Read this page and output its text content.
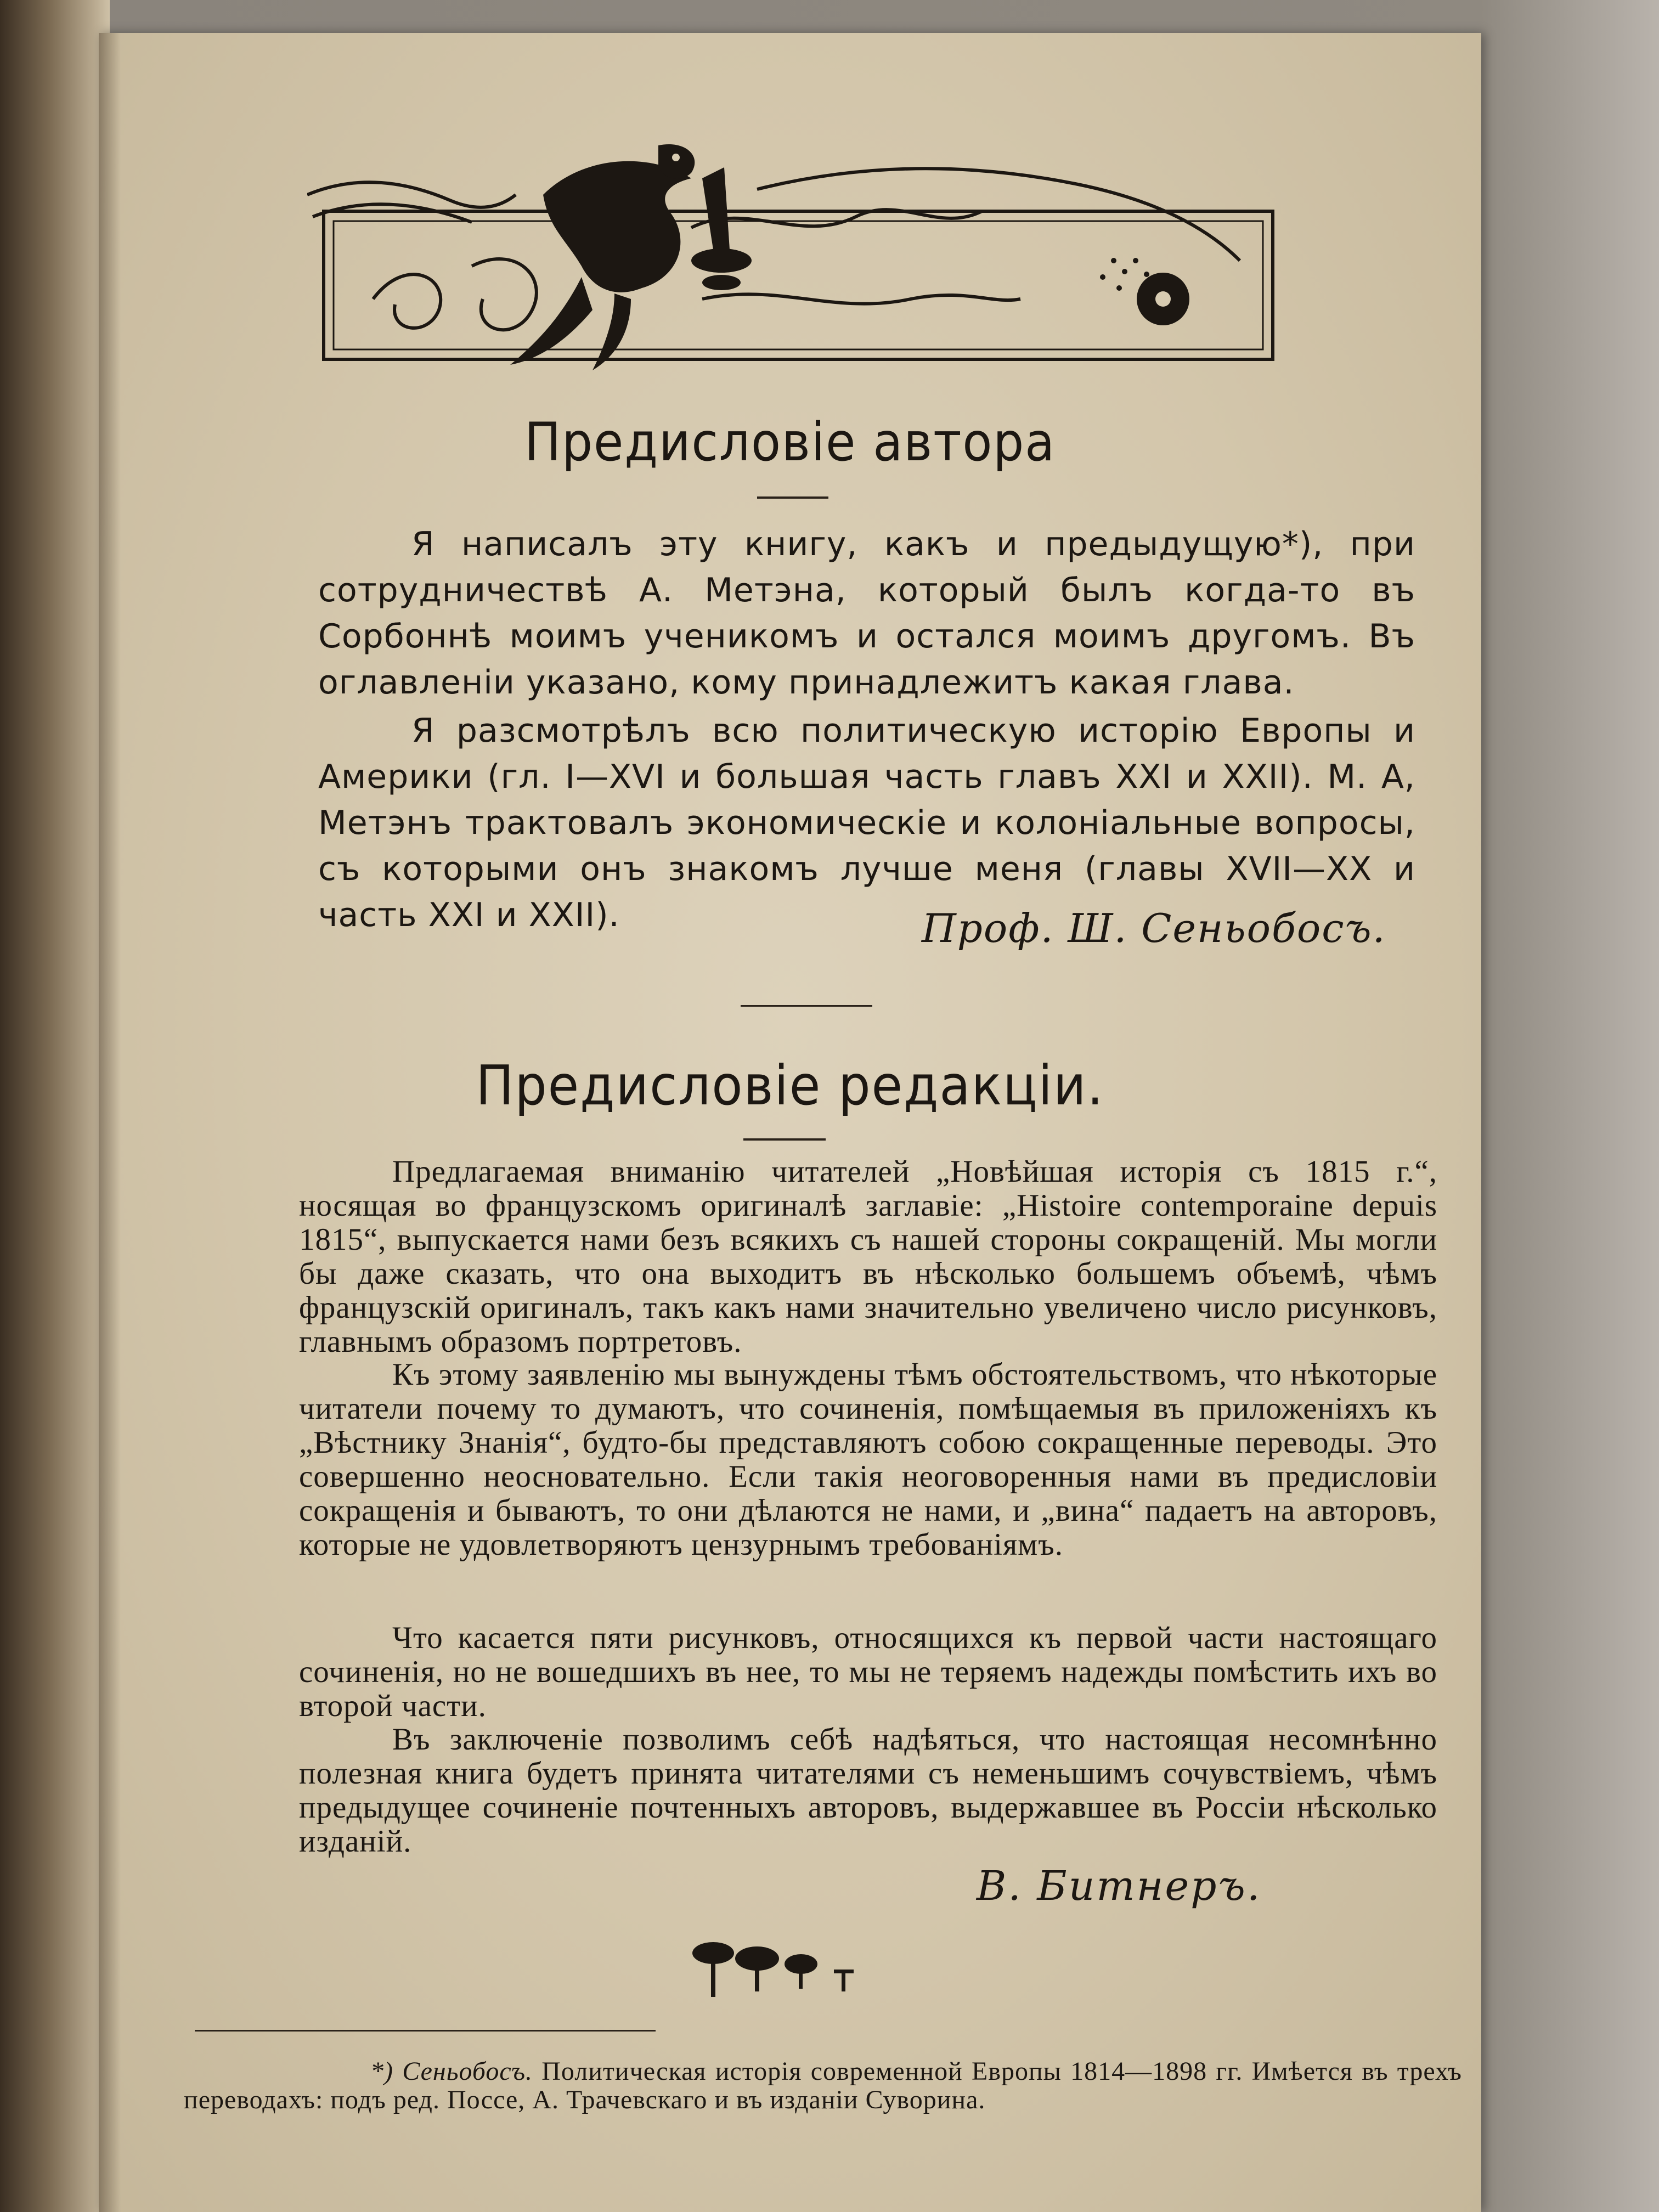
Предисловіе автора

Я написалъ эту книгу, какъ и предыдущую*), при сотрудничествѣ А. Метэна, который былъ когда-то въ Сорбоннѣ моимъ ученикомъ и остался моимъ другомъ. Въ оглавленіи указано, кому принадлежитъ какая глава.

Я разсмотрѣлъ всю политическую исторію Европы и Америки (гл. I—XVI и большая часть главъ XXI и XXII). М. А, Метэнъ трактовалъ экономическіе и колоніальные вопросы, съ которыми онъ знакомъ лучше меня (главы XVII—XX и часть XXI и XXII).	Проф. Ш. Сеньобосъ.
Предисловіе редакціи.

Предлагаемая вниманію читателей „Новѣйшая исторія съ 1815 г.“, носящая во французскомъ оригиналѣ заглавіе: „Histoire contemporaine depuis 1815“, выпускается нами безъ всякихъ съ нашей стороны сокращеній. Мы могли бы даже сказать, что она выходитъ въ нѣсколько большемъ объемѣ, чѣмъ французскій оригиналъ, такъ какъ нами значительно увеличено число рисунковъ, главнымъ образомъ портретовъ.

Къ этому заявленію мы вынуждены тѣмъ обстоятельствомъ, что нѣкоторые читатели почему то думаютъ, что сочиненія, помѣщаемыя въ приложеніяхъ къ „Вѣстнику Знанія“, будто-бы представляютъ собою сокращенные переводы. Это совершенно неосновательно. Если такія неоговоренныя нами въ предисловіи сокращенія и бываютъ, то они дѣлаются не нами, и „вина“ падаетъ на авторовъ, которые не удовлетворяютъ цензурнымъ требованіямъ.

Что касается пяти рисунковъ, относящихся къ первой части настоящаго сочиненія, но не вошедшихъ въ нее, то мы не теряемъ надежды помѣстить ихъ во второй части.

Въ заключеніе позволимъ себѣ надѣяться, что настоящая несомнѣнно полезная книга будетъ принята читателями съ неменьшимъ сочувствіемъ, чѣмъ предыдущее сочиненіе почтенныхъ авторовъ, выдержавшее въ Россіи нѣсколько изданій.

В. Битнеръ.

*) Сеньобосъ. Политическая исторія современной Европы 1814—1898 гг. Имѣется въ трехъ переводахъ: подъ ред. Поссе, А. Трачевскаго и въ изданіи Суворина.
